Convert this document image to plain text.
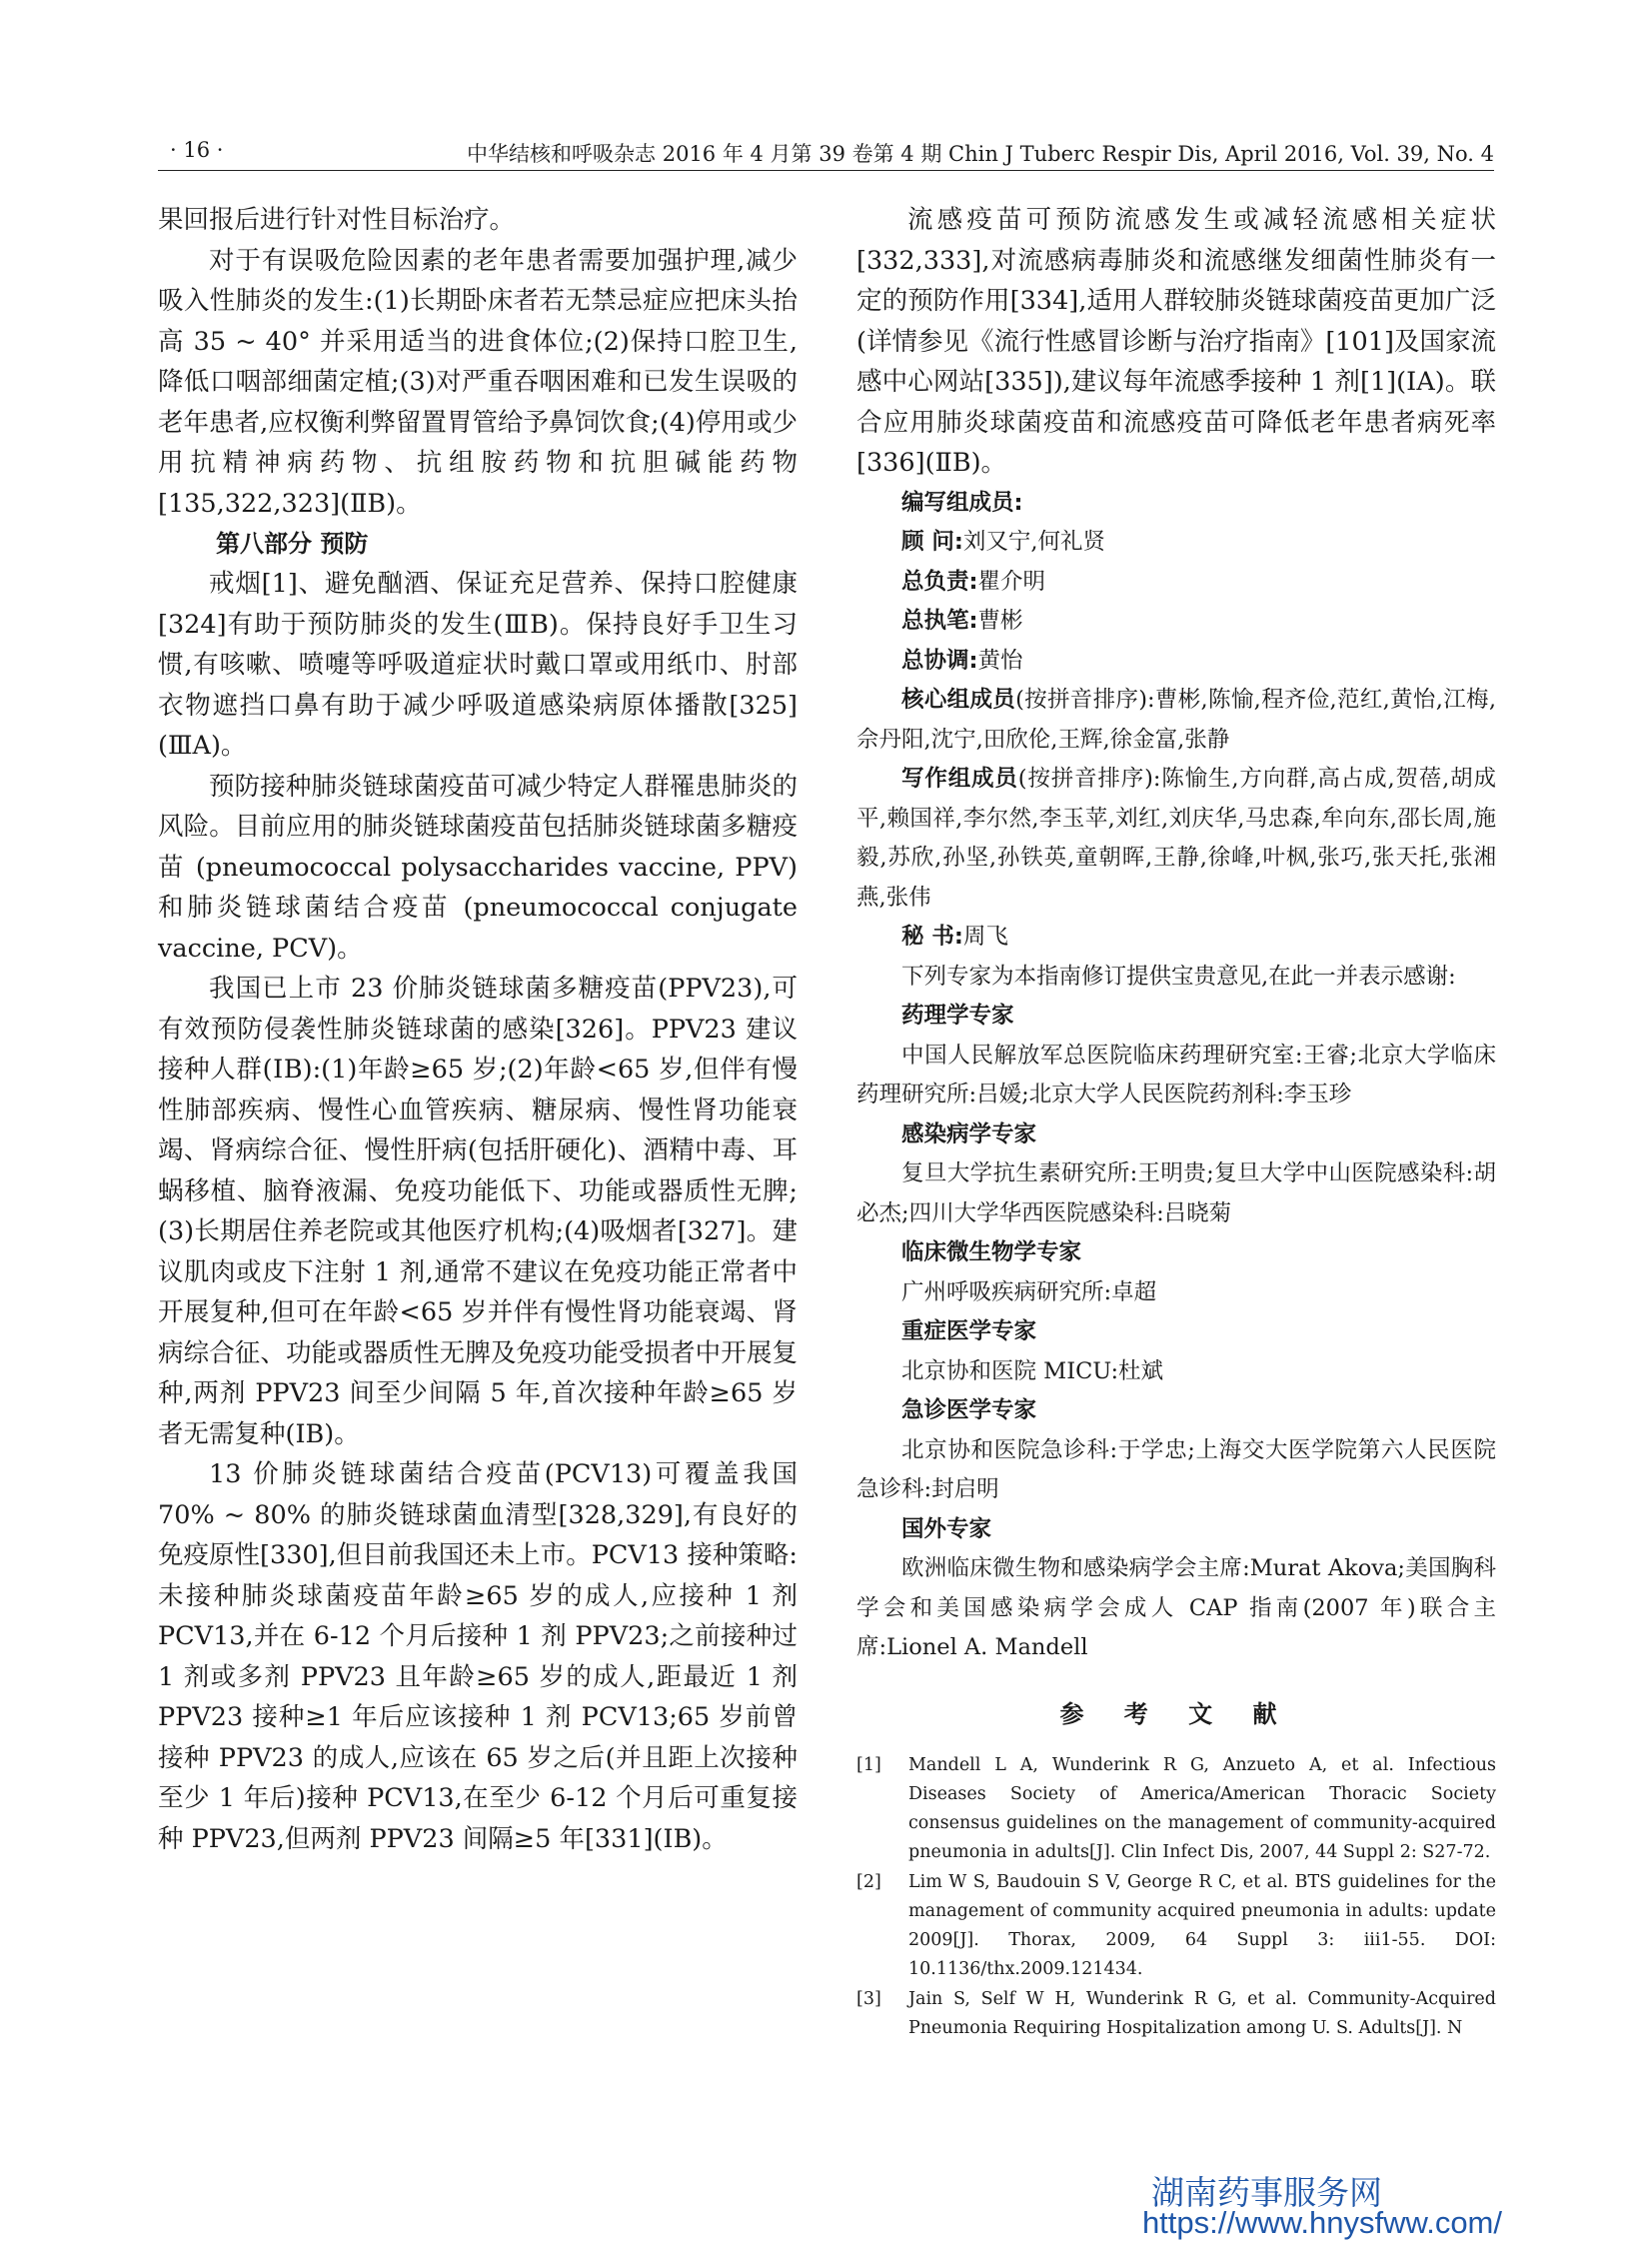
· 16 ·	中华结核和呼吸杂志 2016 年 4 月第 39 卷第 4 期 Chin J Tuberc Respir Dis, April 2016, Vol. 39, No. 4

果回报后进行针对性目标治疗。

对于有误吸危险因素的老年患者需要加强护理,减少吸入性肺炎的发生:(1)长期卧床者若无禁忌症应把床头抬高 35 ~ 40° 并采用适当的进食体位;(2)保持口腔卫生,降低口咽部细菌定植;(3)对严重吞咽困难和已发生误吸的老年患者,应权衡利弊留置胃管给予鼻饲饮食;(4)停用或少用抗精神病药物、抗组胺药物和抗胆碱能药物[135,322,323](ⅡB)。

第八部分 预防

戒烟[1]、避免酗酒、保证充足营养、保持口腔健康[324]有助于预防肺炎的发生(ⅢB)。保持良好手卫生习惯,有咳嗽、喷嚏等呼吸道症状时戴口罩或用纸巾、肘部衣物遮挡口鼻有助于减少呼吸道感染病原体播散[325](ⅢA)。

预防接种肺炎链球菌疫苗可减少特定人群罹患肺炎的风险。目前应用的肺炎链球菌疫苗包括肺炎链球菌多糖疫苗 (pneumococcal polysaccharides vaccine, PPV) 和肺炎链球菌结合疫苗 (pneumococcal conjugate vaccine, PCV)。

我国已上市 23 价肺炎链球菌多糖疫苗(PPV23),可有效预防侵袭性肺炎链球菌的感染[326]。PPV23 建议接种人群(ⅠB):(1)年龄≥65 岁;(2)年龄<65 岁,但伴有慢性肺部疾病、慢性心血管疾病、糖尿病、慢性肾功能衰竭、肾病综合征、慢性肝病(包括肝硬化)、酒精中毒、耳蜗移植、脑脊液漏、免疫功能低下、功能或器质性无脾;(3)长期居住养老院或其他医疗机构;(4)吸烟者[327]。建议肌肉或皮下注射 1 剂,通常不建议在免疫功能正常者中开展复种,但可在年龄<65 岁并伴有慢性肾功能衰竭、肾病综合征、功能或器质性无脾及免疫功能受损者中开展复种,两剂 PPV23 间至少间隔 5 年,首次接种年龄≥65 岁者无需复种(ⅠB)。

13 价肺炎链球菌结合疫苗(PCV13)可覆盖我国 70% ~ 80% 的肺炎链球菌血清型[328,329],有良好的免疫原性[330],但目前我国还未上市。PCV13 接种策略:未接种肺炎球菌疫苗年龄≥65 岁的成人,应接种 1 剂 PCV13,并在 6-12 个月后接种 1 剂 PPV23;之前接种过 1 剂或多剂 PPV23 且年龄≥65 岁的成人,距最近 1 剂 PPV23 接种≥1 年后应该接种 1 剂 PCV13;65 岁前曾接种 PPV23 的成人,应该在 65 岁之后(并且距上次接种至少 1 年后)接种 PCV13,在至少 6-12 个月后可重复接种 PPV23,但两剂 PPV23 间隔≥5 年[331](ⅠB)。

流感疫苗可预防流感发生或减轻流感相关症状[332,333],对流感病毒肺炎和流感继发细菌性肺炎有一定的预防作用[334],适用人群较肺炎链球菌疫苗更加广泛(详情参见《流行性感冒诊断与治疗指南》[101]及国家流感中心网站[335]),建议每年流感季接种 1 剂[1](ⅠA)。联合应用肺炎球菌疫苗和流感疫苗可降低老年患者病死率[336](ⅡB)。

编写组成员:

顾 问:刘又宁,何礼贤

总负责:瞿介明

总执笔:曹彬

总协调:黄怡

核心组成员(按拼音排序):曹彬,陈愉,程齐俭,范红,黄怡,江梅,佘丹阳,沈宁,田欣伦,王辉,徐金富,张静

写作组成员(按拼音排序):陈愉生,方向群,高占成,贺蓓,胡成平,赖国祥,李尔然,李玉苹,刘红,刘庆华,马忠森,牟向东,邵长周,施毅,苏欣,孙坚,孙铁英,童朝晖,王静,徐峰,叶枫,张巧,张天托,张湘燕,张伟

秘 书:周飞

下列专家为本指南修订提供宝贵意见,在此一并表示感谢:

药理学专家

中国人民解放军总医院临床药理研究室:王睿;北京大学临床药理研究所:吕媛;北京大学人民医院药剂科:李玉珍

感染病学专家

复旦大学抗生素研究所:王明贵;复旦大学中山医院感染科:胡必杰;四川大学华西医院感染科:吕晓菊

临床微生物学专家

广州呼吸疾病研究所:卓超

重症医学专家

北京协和医院 MICU:杜斌

急诊医学专家

北京协和医院急诊科:于学忠;上海交大医学院第六人民医院急诊科:封启明

国外专家

欧洲临床微生物和感染病学会主席:Murat Akova;美国胸科学会和美国感染病学会成人 CAP 指南(2007 年)联合主席:Lionel A. Mandell

参 考 文 献
[1]	Mandell L A, Wunderink R G, Anzueto A, et al. Infectious Diseases Society of America/American Thoracic Society consensus guidelines on the management of community-acquired pneumonia in adults[J]. Clin Infect Dis, 2007, 44 Suppl 2: S27-72.
[2]	Lim W S, Baudouin S V, George R C, et al. BTS guidelines for the management of community acquired pneumonia in adults: update 2009[J]. Thorax, 2009, 64 Suppl 3: iii1-55. DOI: 10.1136/thx.2009.121434.
[3]	Jain S, Self W H, Wunderink R G, et al. Community-Acquired Pneumonia Requiring Hospitalization among U. S. Adults[J]. N
湖南药事服务网
https://www.hnysfww.com/
